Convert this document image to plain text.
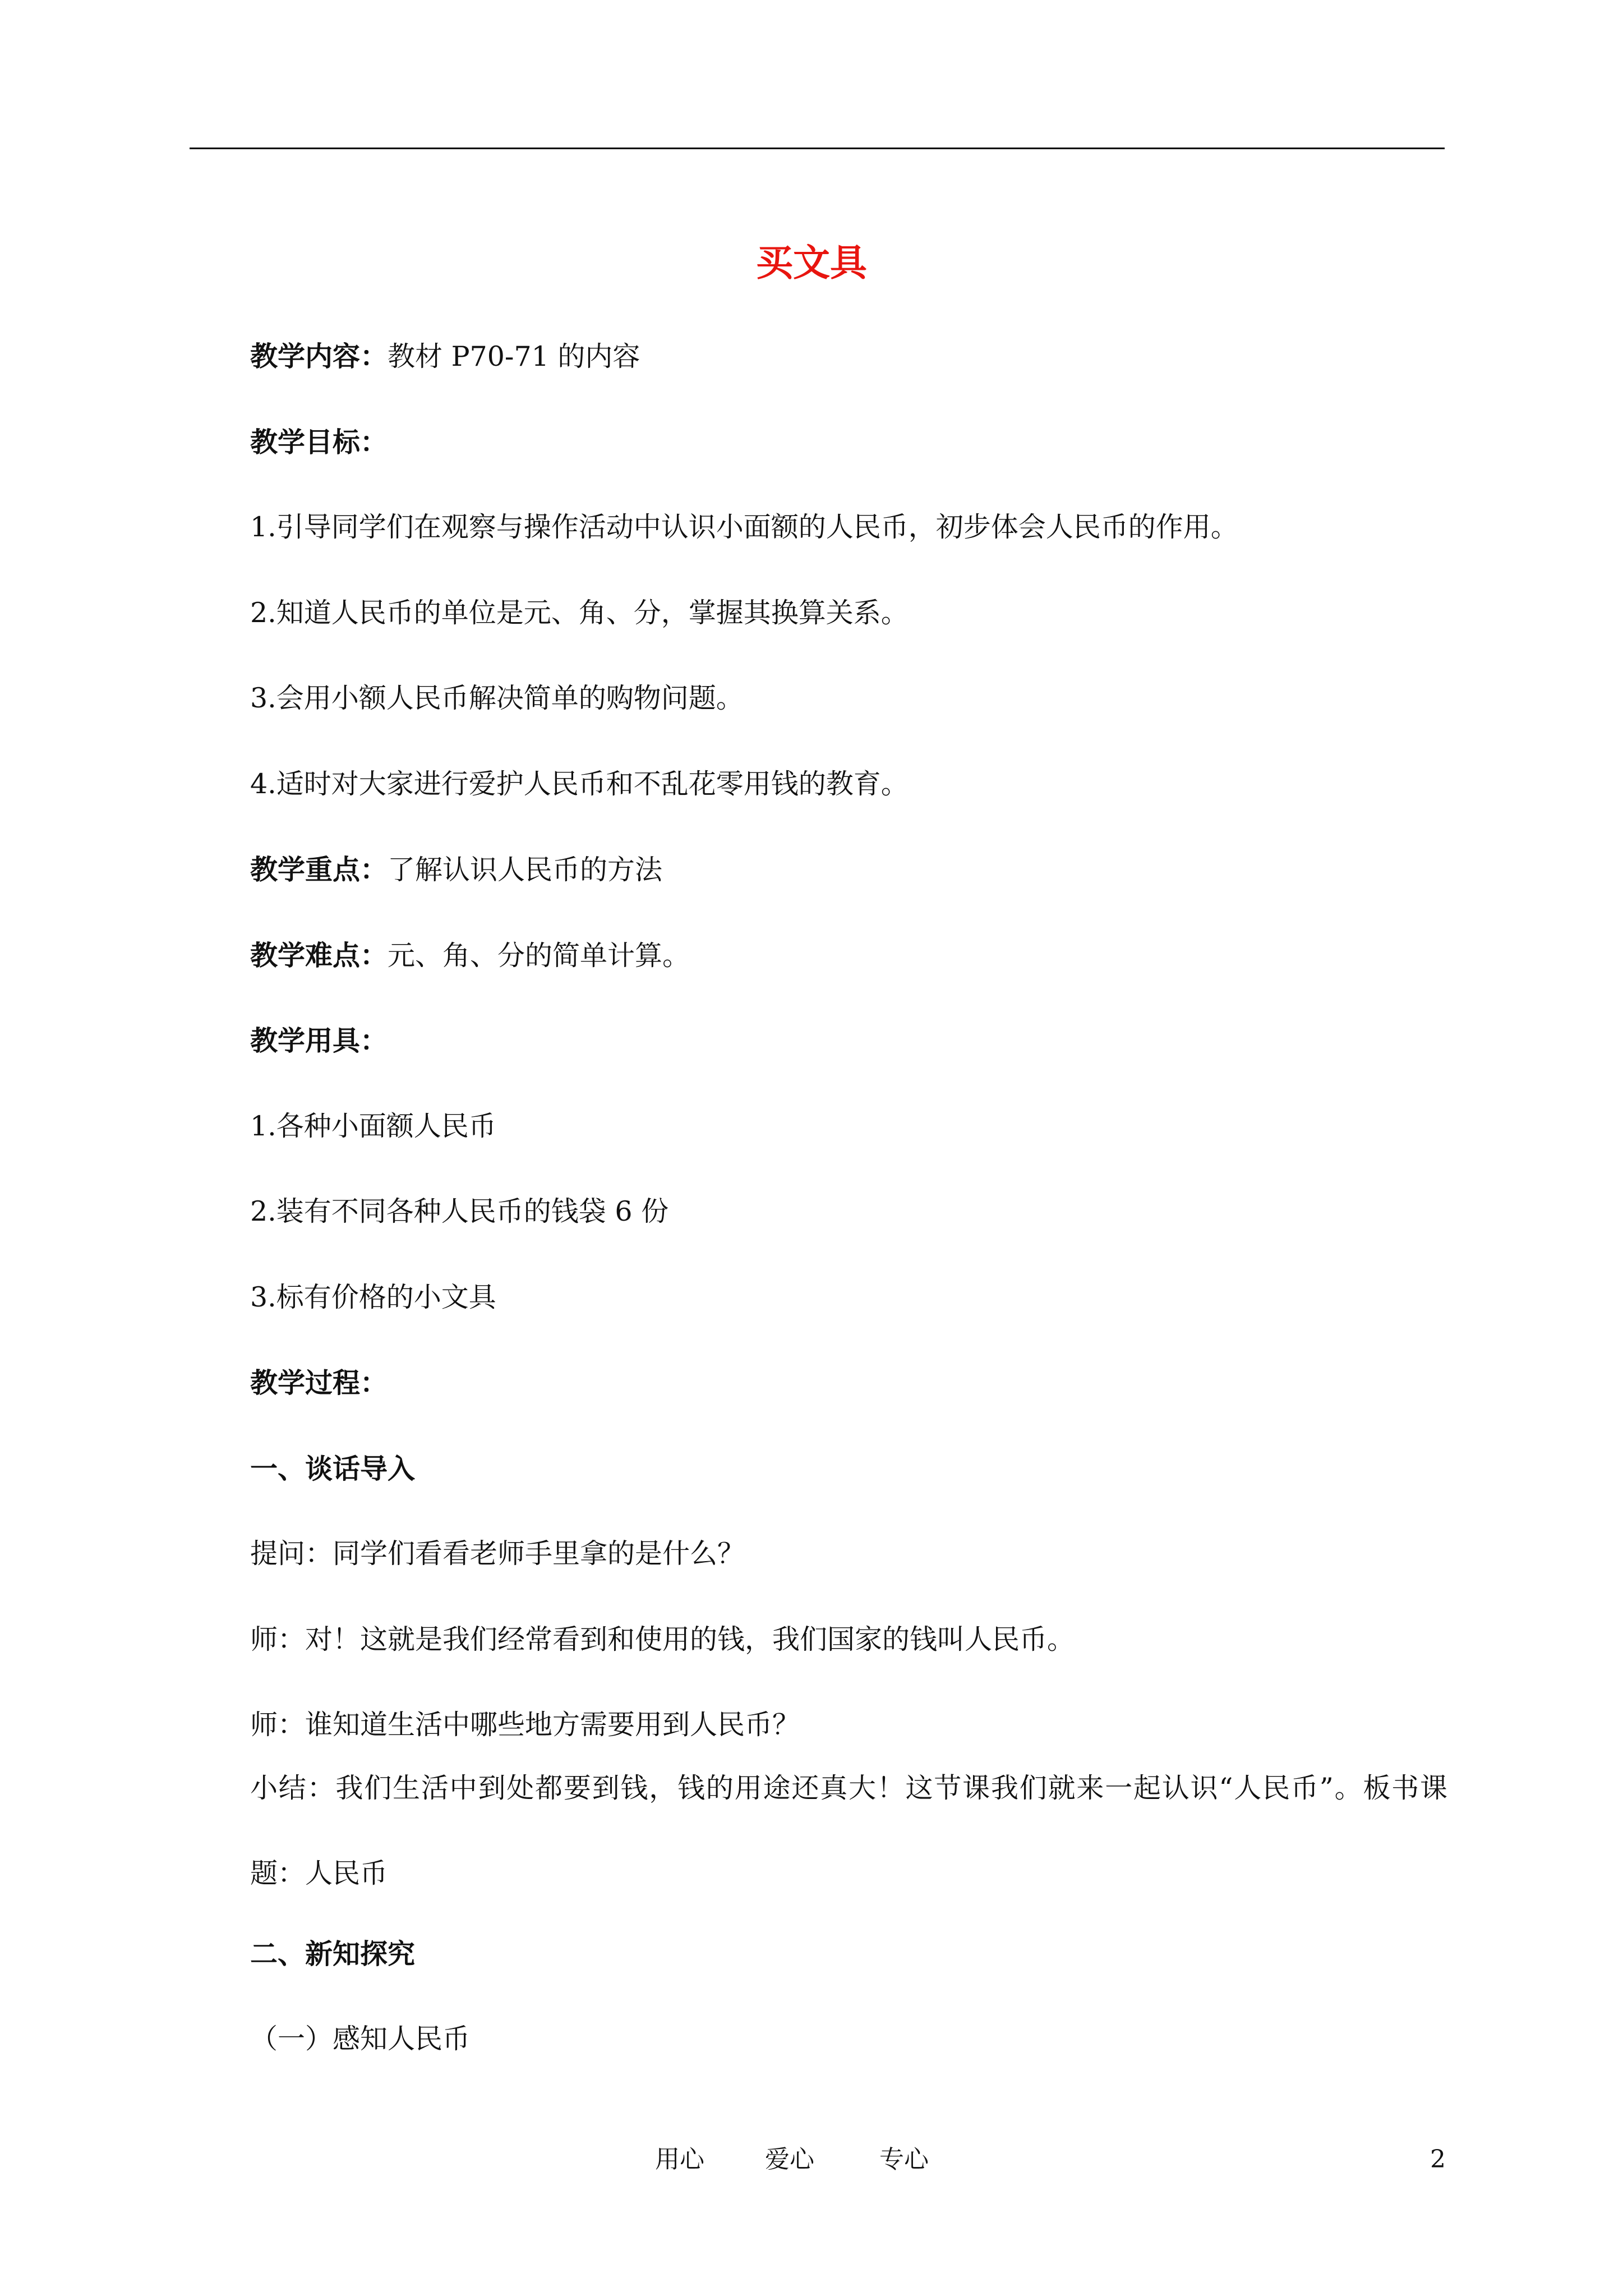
买文具

教学内容：教材 P70-71 的内容

教学目标：

1.引导同学们在观察与操作活动中认识小面额的人民币，初步体会人民币的作用。

2.知道人民币的单位是元、角、分，掌握其换算关系。

3.会用小额人民币解决简单的购物问题。

4.适时对大家进行爱护人民币和不乱花零用钱的教育。

教学重点：了解认识人民币的方法

教学难点：元、角、分的简单计算。

教学用具：

1.各种小面额人民币

2.装有不同各种人民币的钱袋 6 份

3.标有价格的小文具

教学过程：

一、谈话导入

提问：同学们看看老师手里拿的是什么？

师：对！这就是我们经常看到和使用的钱，我们国家的钱叫人民币。

师：谁知道生活中哪些地方需要用到人民币？

小结：我们生活中到处都要到钱，钱的用途还真大！这节课我们就来一起认识“人民币”。板书课题：人民币

二、新知探究

（一）感知人民币

用心 爱心	专心	2
